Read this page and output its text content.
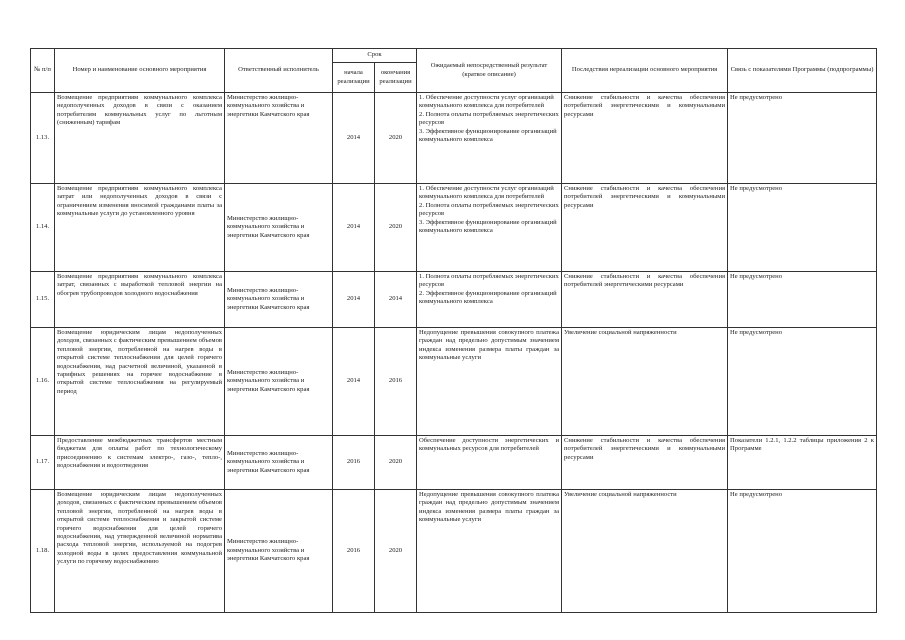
№ п/п	Номер и наименование основного мероприятия	Ответственный исполнитель	Срок		Ожидаемый непосредственный результат (краткое описание)	Последствия нереализации основного мероприятия	Связь с показателями Программы (подпрограммы)
			начала реализации	окончания реализации			
1.13.	Возмещение предприятиям коммунального комплекса недополученных доходов в связи с оказанием потребителям коммунальных услуг по льготным (сниженным) тарифам	Министерство жилищно-коммунального хозяйства и энергетики Камчатского края	2014	2020	1. Обеспечение доступности услуг организаций коммунального комплекса для потребителей
2. Полнота оплаты потребляемых энергетических ресурсов
3. Эффективное функционирование организаций коммунального комплекса	Снижение стабильности и качества обеспечения потребителей энергетическими и коммунальными ресурсами	Не предусмотрено
1.14.	Возмещение предприятиям коммунального комплекса затрат или недополученных доходов в связи с ограничением изменения вносимой гражданами платы за коммунальные услуги до установленного уровня	Министерство жилищно-коммунального хозяйства и энергетики Камчатского края	2014	2020	1. Обеспечение доступности услуг организаций коммунального комплекса для потребителей
2. Полнота оплаты потребляемых энергетических ресурсов
3. Эффективное функционирование организаций коммунального комплекса	Снижение стабильности и качества обеспечения потребителей энергетическими и коммунальными ресурсами	Не предусмотрено
1.15.	Возмещение предприятиям коммунального комплекса затрат, связанных с выработкой тепловой энергии на обогрев трубопроводов холодного водоснабжения	Министерство жилищно-коммунального хозяйства и энергетики Камчатского края	2014	2014	1. Полнота оплаты потребляемых энергетических ресурсов
2. Эффективное функционирование организаций коммунального комплекса	Снижение стабильности и качества обеспечения потребителей энергетическими ресурсами	Не предусмотрено
1.16.	Возмещение юридическим лицам недополученных доходов, связанных с фактическим превышением объемов тепловой энергии, потребленной на нагрев воды в открытой системе теплоснабжения для целей горячего водоснабжения, над расчетной величиной, указанной в тарифных решениях на горячее водоснабжение в открытой системе теплоснабжения на регулируемый период	Министерство жилищно-коммунального хозяйства и энергетики Камчатского края	2014	2016	Недопущение превышения совокупного платежа граждан над предельно допустимым значением индекса изменения размера платы граждан за коммунальные услуги	Увеличение социальной напряженности	Не предусмотрено
1.17.	Предоставление межбюджетных трансфертов местным бюджетам для оплаты работ по технологическому присоединению к системам электро-, газо-, тепло-, водоснабжения и водоотведения	Министерство жилищно-коммунального хозяйства и энергетики Камчатского края	2016	2020	Обеспечение доступности энергетических и коммунальных ресурсов для потребителей	Снижение стабильности и качества обеспечения потребителей энергетическими и коммунальными ресурсами	Показатели 1.2.1, 1.2.2 таблицы приложения 2 к Программе
1.18.	Возмещение юридическим лицам недополученных доходов, связанных с фактическим превышением объемов тепловой энергии, потребленной на нагрев воды в открытой системе теплоснабжения и закрытой системе горячего водоснабжения для целей горячего водоснабжения, над утвержденной величиной норматива расхода тепловой энергии, используемой на подогрев холодной воды в целях предоставления коммунальной услуги по горячему водоснабжению	Министерство жилищно-коммунального хозяйства и энергетики Камчатского края	2016	2020	Недопущение превышения совокупного платежа граждан над предельно допустимым значением индекса изменения размера платы граждан за коммунальные услуги	Увеличение социальной напряженности	Не предусмотрено
